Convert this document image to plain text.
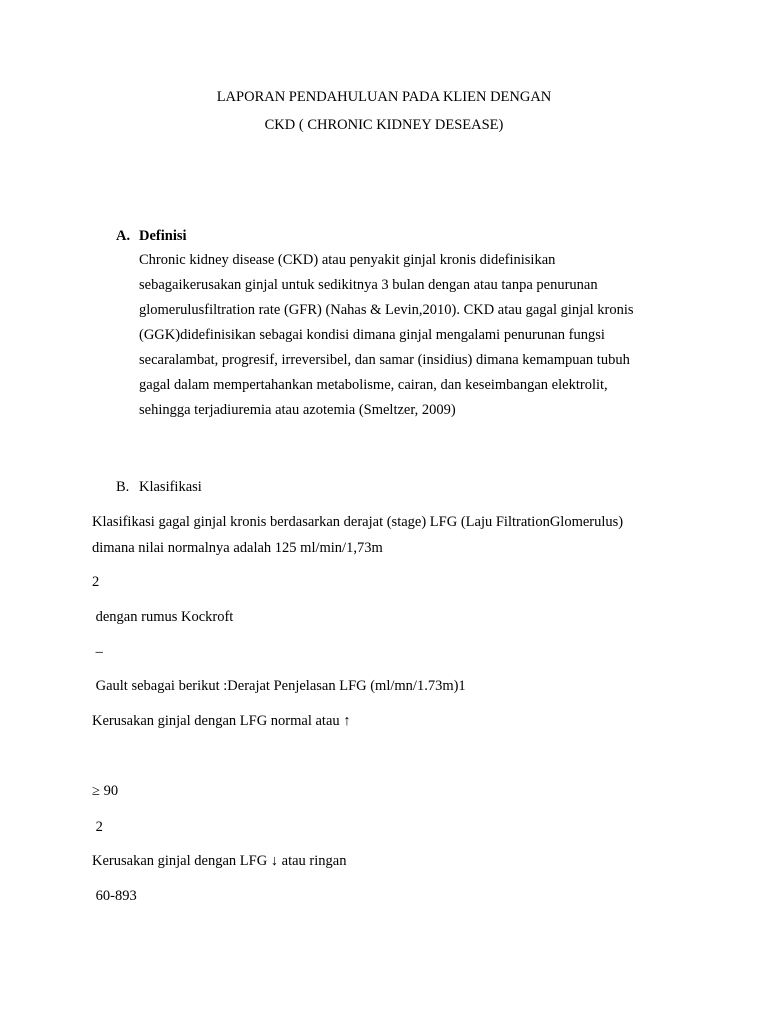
LAPORAN PENDAHULUAN PADA KLIEN DENGAN
CKD ( CHRONIC KIDNEY DESEASE)
A. Definisi
Chronic kidney disease (CKD) atau penyakit ginjal kronis didefinisikan
sebagaikerusakan ginjal untuk sedikitnya 3 bulan dengan atau tanpa penurunan
glomerulusfiltration rate (GFR) (Nahas & Levin,2010). CKD atau gagal ginjal kronis
(GGK)didefinisikan sebagai kondisi dimana ginjal mengalami penurunan fungsi
secaralambat, progresif, irreversibel, dan samar (insidius) dimana kemampuan tubuh
gagal dalam mempertahankan metabolisme, cairan, dan keseimbangan elektrolit,
sehingga terjadiuremia atau azotemia (Smeltzer, 2009)
B. Klasifikasi
Klasifikasi gagal ginjal kronis berdasarkan derajat (stage) LFG (Laju FiltrationGlomerulus)
dimana nilai normalnya adalah 125 ml/min/1,73m
2
dengan rumus Kockroft
–
Gault sebagai berikut :Derajat Penjelasan LFG (ml/mn/1.73m)1
Kerusakan ginjal dengan LFG normal atau ↑
≥ 90
2
Kerusakan ginjal dengan LFG ↓ atau ringan
60-893
